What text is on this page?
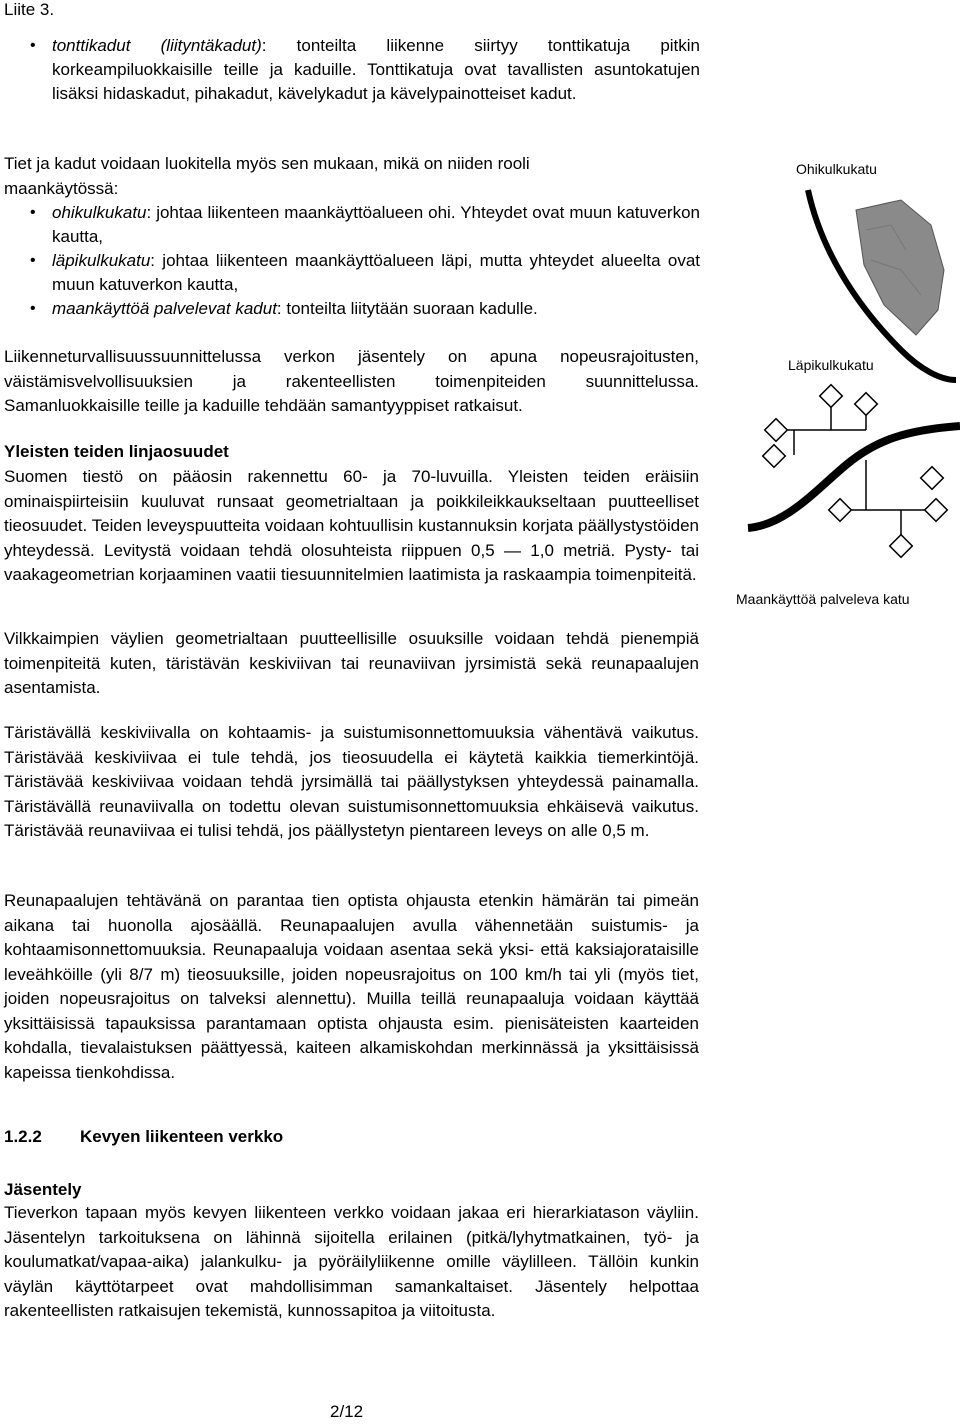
Liite 3.
• tonttikadut (liityntäkadut): tonteilta liikenne siirtyy tonttikatuja pitkin korkeampiluokkaisille teille ja kaduille. Tonttikatuja ovat tavallisten asuntokatujen lisäksi hidaskadut, pihakadut, kävelykadut ja kävelypainotteiset kadut.
Tiet ja kadut voidaan luokitella myös sen mukaan, mikä on niiden rooli maankäytössä:
• ohikulkukatu: johtaa liikenteen maankäyttöalueen ohi. Yhteydet ovat muun katuverkon kautta,
• läpikulkukatu: johtaa liikenteen maankäyttöalueen läpi, mutta yhteydet alueelta ovat muun katuverkon kautta,
• maankäyttöä palvelevat kadut: tonteilta liitytään suoraan kadulle.
Liikenneturvallisuussuunnittelussa verkon jäsentely on apuna nopeusrajoitusten, väistämisvelvollisuuksien ja rakenteellisten toimenpiteiden suunnittelussa. Samanluokkaisille teille ja kaduille tehdään samantyyppiset ratkaisut.
Yleisten teiden linjaosuudet
Suomen tiestö on pääosin rakennettu 60- ja 70-luvuilla. Yleisten teiden eräisiin ominaispiirteisiin kuuluvat runsaat geometrialtaan ja poikkileikkaukseltaan puutteelliset tieosuudet. Teiden leveyspuutteita voidaan kohtuullisin kustannuksin korjata päällystystöiden yhteydessä. Levitystä voidaan tehdä olosuhteista riippuen 0,5 — 1,0 metriä. Pysty- tai vaakageometrian korjaaminen vaatii tiesuunnitelmien laatimista ja raskaampia toimenpiteitä.
Vilkkaimpien väylien geometrialtaan puutteellisille osuuksille voidaan tehdä pienempiä toimenpiteitä kuten, täristävän keskiviivan tai reunaviivan jyrsimistä sekä reunapaalujen asentamista.
Täristävällä keskiviivalla on kohtaamis- ja suistumisonnettomuuksia vähentävä vaikutus. Täristävää keskiviivaa ei tule tehdä, jos tieosuudella ei käytetä kaikkia tiemerkintöjä. Täristävää keskiviivaa voidaan tehdä jyrsimällä tai päällystyksen yhteydessä painamalla. Täristävällä reunaviivalla on todettu olevan suistumisonnettomuuksia ehkäisevä vaikutus. Täristävää reunaviivaa ei tulisi tehdä, jos päällystetyn pientareen leveys on alle 0,5 m.
Reunapaalujen tehtävänä on parantaa tien optista ohjausta etenkin hämärän tai pimeän aikana tai huonolla ajosäällä. Reunapaalujen avulla vähennetään suistumis- ja kohtaamisonnettomuuksia. Reunapaaluja voidaan asentaa sekä yksi- että kaksiajorataisille leveähköille (yli 8/7 m) tieosuuksille, joiden nopeusrajoitus on 100 km/h tai yli (myös tiet, joiden nopeusrajoitus on talveksi alennettu). Muilla teillä reunapaaluja voidaan käyttää yksittäisissä tapauksissa parantamaan optista ohjausta esim. pienisäteisten kaarteiden kohdalla, tievalaistuksen päättyessä, kaiteen alkamiskohdan merkinnässä ja yksittäisissä kapeissa tienkohdissa.
1.2.2 Kevyen liikenteen verkko
Jäsentely
Tieverkon tapaan myös kevyen liikenteen verkko voidaan jakaa eri hierarkiatason väyliin. Jäsentelyn tarkoituksena on lähinnä sijoitella erilainen (pitkä/lyhytmatkainen, työ- ja koulumatkat/vapaa-aika) jalankulku- ja pyöräilyliikenne omille väylilleen. Tällöin kunkin väylän käyttötarpeet ovat mahdollisimman samankaltaiset. Jäsentely helpottaa rakenteellisten ratkaisujen tekemistä, kunnossapitoa ja viitoitusta.
Ohikulkukatu
Läpikulkukatu
Maankäyttöä palveleva katu
2/12
